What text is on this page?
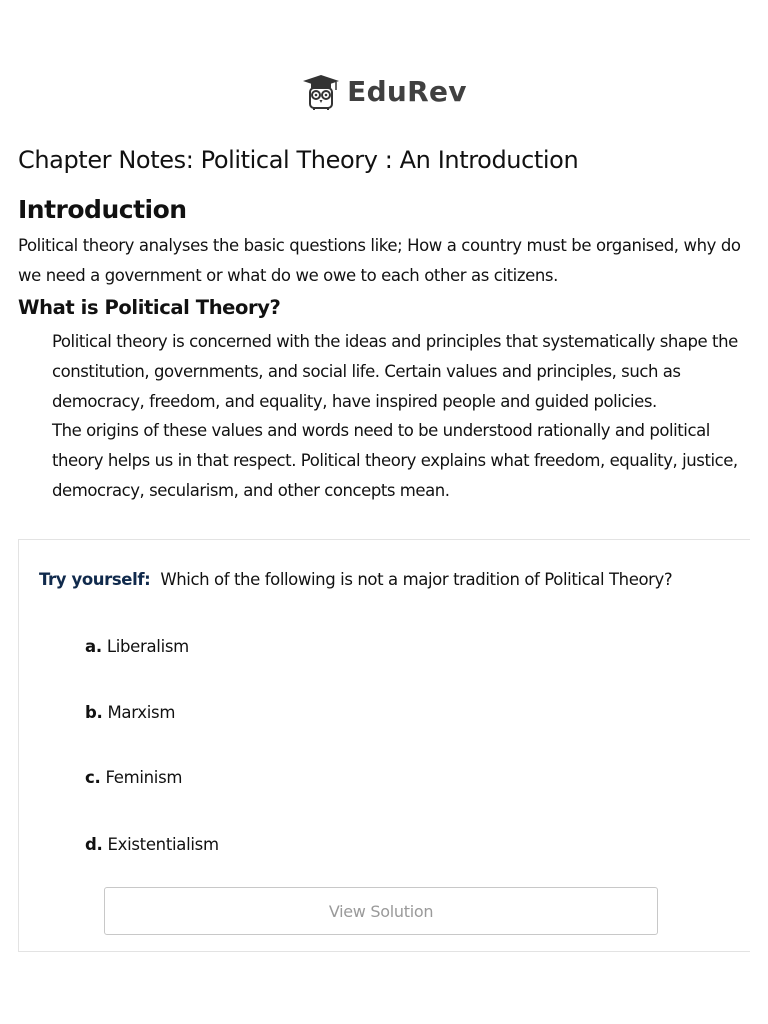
EduRev
Chapter Notes: Political Theory : An Introduction
Introduction

Political theory analyses the basic questions like; How a country must be organised, why do we need a government or what do we owe to each other as citizens.

What is Political Theory?

Political theory is concerned with the ideas and principles that systematically shape the constitution, governments, and social life. Certain values and principles, such as democracy, freedom, and equality, have inspired people and guided policies.

The origins of these values and words need to be understood rationally and political theory helps us in that respect. Political theory explains what freedom, equality, justice, democracy, secularism, and other concepts mean.

Try yourself: Which of the following is not a major tradition of Political Theory?
a. Liberalism
b. Marxism
c. Feminism
d. Existentialism
View Solution
